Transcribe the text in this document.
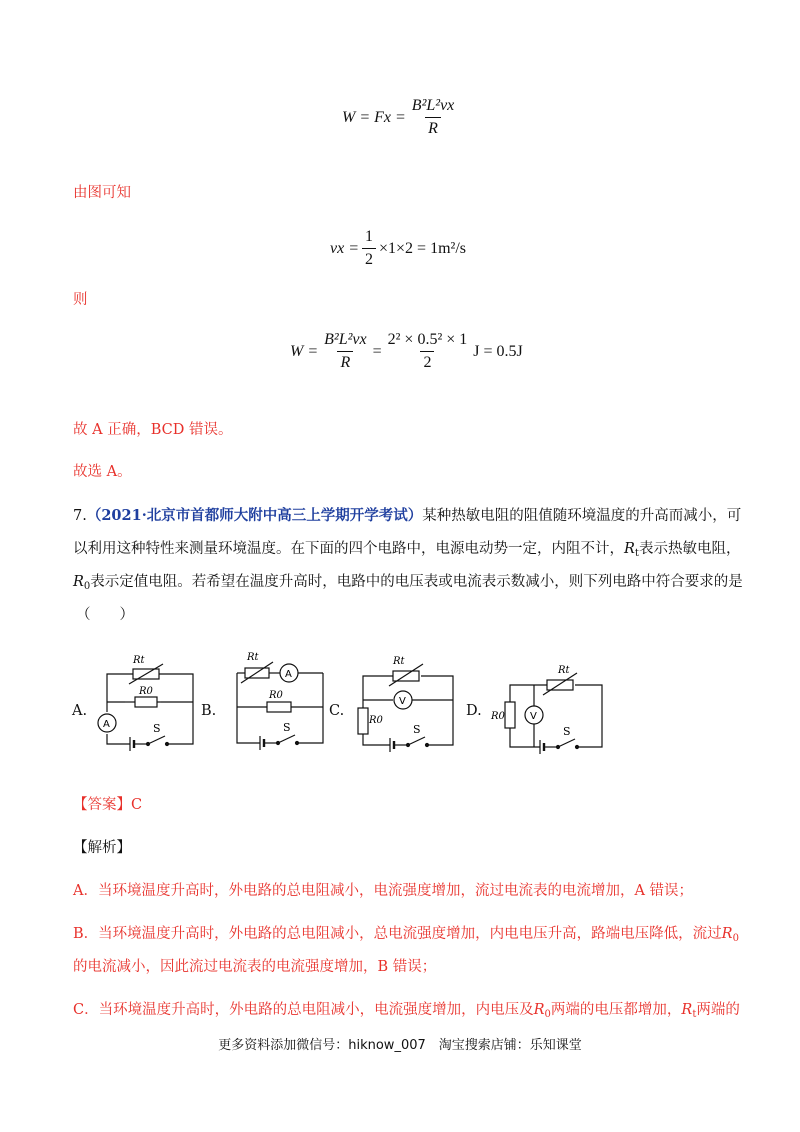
$W = Fx = \frac{\text{B²L²vx}}{R}$
由图可知
vx = $\frac{1}{2} \times 1\times 2 = 1m^2/s$
则
$W = \frac{\text{B²L²vx}}{R} = \frac{\text{2² × 0.5² × 1}}{2}$ J = 0.5J
故 A 正确，BCD 错误。
故选 A。
7.（2021·北京市首都师大附中高三上学期开学考试）某种热敏电阻的阻值随环境温度的升高而减小，可
以利用这种特性来测量环境温度。在下面的四个电路中，电源电动势一定，内阻不计，$R_t$表示热敏电阻，
$R_0$表示定值电阻。若希望在温度升高时，电路中的电压表或电流表示数减小，则下列电路中符合要求的是
（　　）
A.	B.	C.	D.
Rt
R0
A	S
Rt
A
R0
S
Rt
V
R0
S
Rt
R0	V
S
【答案】C
【解析】
A．当环境温度升高时，外电路的总电阻减小，电流强度增加，流过电流表的电流增加，A 错误；
B．当环境温度升高时，外电路的总电阻减小，总电流强度增加，内电电压升高，路端电压降低，流过$R_0$
的电流减小，因此流过电流表的电流强度增加，B 错误；
C．当环境温度升高时，外电路的总电阻减小，电流强度增加，内电压及$R_0$两端的电压都增加，$R_t$两端的
更多资料添加微信号：hiknow_007　淘宝搜索店铺：乐知课堂
